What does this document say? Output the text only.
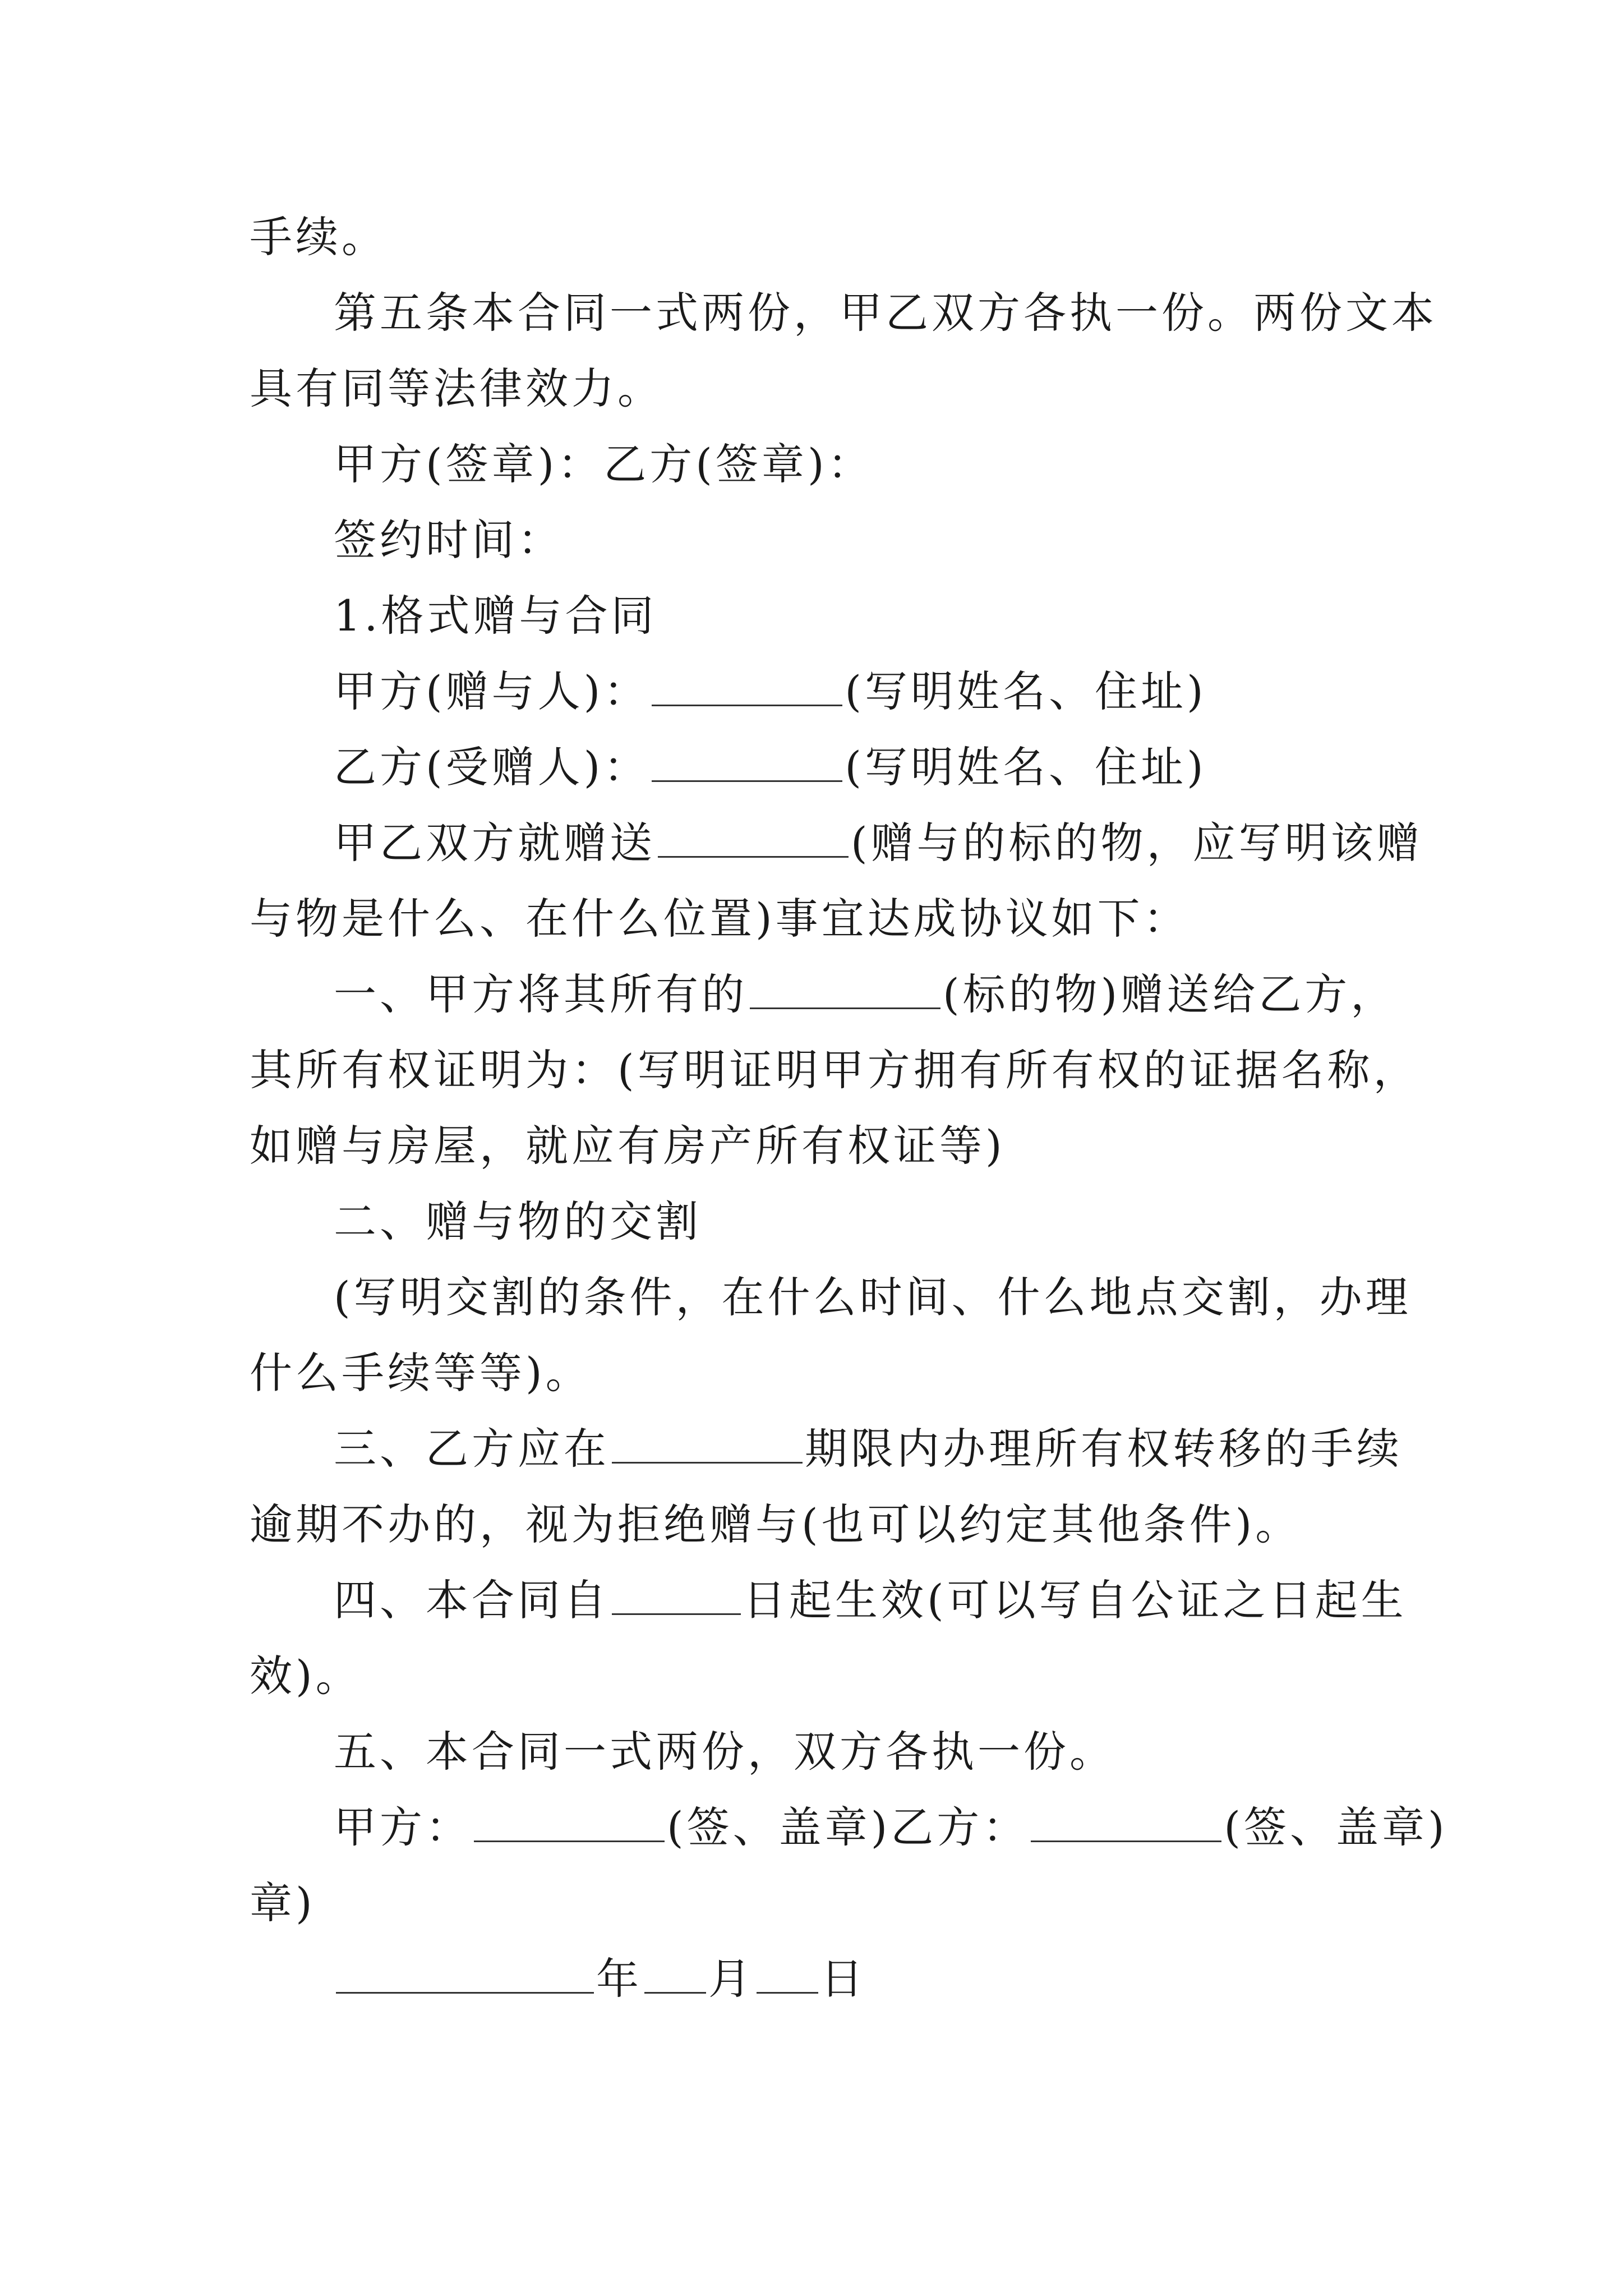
手续。
第五条本合同一式两份，甲乙双方各执一份。两份文本
具有同等法律效力。
甲方(签章)：乙方(签章)：
签约时间：
1.格式赠与合同
甲方(赠与人)：	(写明姓名、住址)
乙方(受赠人)：	(写明姓名、住址)
甲乙双方就赠送	(赠与的标的物，应写明该赠
与物是什么、在什么位置)事宜达成协议如下：
一、甲方将其所有的	(标的物)赠送给乙方，
其所有权证明为：(写明证明甲方拥有所有权的证据名称，
如赠与房屋，就应有房产所有权证等)
二、赠与物的交割
(写明交割的条件，在什么时间、什么地点交割，办理
什么手续等等)。
三、乙方应在	期限内办理所有权转移的手续
逾期不办的，视为拒绝赠与(也可以约定其他条件)。
四、本合同自	日起生效(可以写自公证之日起生
效)。
五、本合同一式两份，双方各执一份。
甲方：	(签、盖章)乙方：	(签、盖章)
章)
年 月 日
